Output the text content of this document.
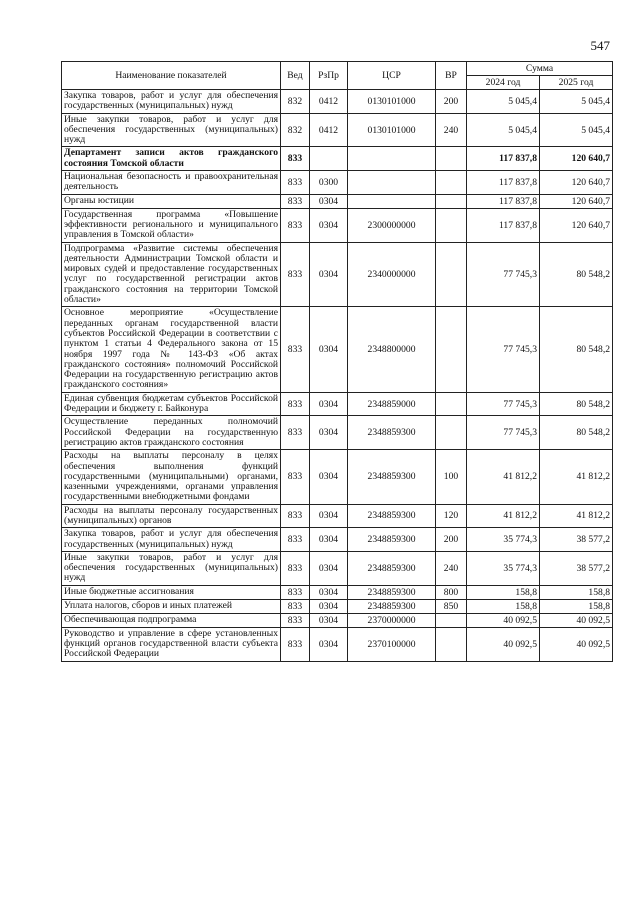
547
Наименование показателей	Вед	РзПр	ЦСР	ВР	Сумма	
					2024 год	2025 год
Закупка товаров, работ и услуг для обеспечения государственных (муниципальных) нужд	832	0412	0130101000	200	5 045,4	5 045,4
Иные закупки товаров, работ и услуг для обеспечения государственных (муниципальных) нужд	832	0412	0130101000	240	5 045,4	5 045,4
Департамент записи актов гражданского состояния Томской области	833				117 837,8	120 640,7
Национальная безопасность и правоохранительная деятельность	833	0300			117 837,8	120 640,7
Органы юстиции	833	0304			117 837,8	120 640,7
Государственная программа «Повышение эффективности регионального и муниципального управления в Томской области»	833	0304	2300000000		117 837,8	120 640,7
Подпрограмма «Развитие системы обеспечения деятельности Администрации Томской области и мировых судей и предоставление государственных услуг по государственной регистрации актов гражданского состояния на территории Томской области»	833	0304	2340000000		77 745,3	80 548,2
Основное мероприятие «Осуществление переданных органам государственной власти субъектов Российской Федерации в соответствии с пунктом 1 статьи 4 Федерального закона от 15 ноября 1997 года № 143-ФЗ «Об актах гражданского состояния» полномочий Российской Федерации на государственную регистрацию актов гражданского состояния»	833	0304	2348800000		77 745,3	80 548,2
Единая субвенция бюджетам субъектов Российской Федерации и бюджету г. Байконура	833	0304	2348859000		77 745,3	80 548,2
Осуществление переданных полномочий Российской Федерации на государственную регистрацию актов гражданского состояния	833	0304	2348859300		77 745,3	80 548,2
Расходы на выплаты персоналу в целях обеспечения выполнения функций государственными (муниципальными) органами, казенными учреждениями, органами управления государственными внебюджетными фондами	833	0304	2348859300	100	41 812,2	41 812,2
Расходы на выплаты персоналу государственных (муниципальных) органов	833	0304	2348859300	120	41 812,2	41 812,2
Закупка товаров, работ и услуг для обеспечения государственных (муниципальных) нужд	833	0304	2348859300	200	35 774,3	38 577,2
Иные закупки товаров, работ и услуг для обеспечения государственных (муниципальных) нужд	833	0304	2348859300	240	35 774,3	38 577,2
Иные бюджетные ассигнования	833	0304	2348859300	800	158,8	158,8
Уплата налогов, сборов и иных платежей	833	0304	2348859300	850	158,8	158,8
Обеспечивающая подпрограмма	833	0304	2370000000		40 092,5	40 092,5
Руководство и управление в сфере установленных функций органов государственной власти субъекта Российской Федерации	833	0304	2370100000		40 092,5	40 092,5
